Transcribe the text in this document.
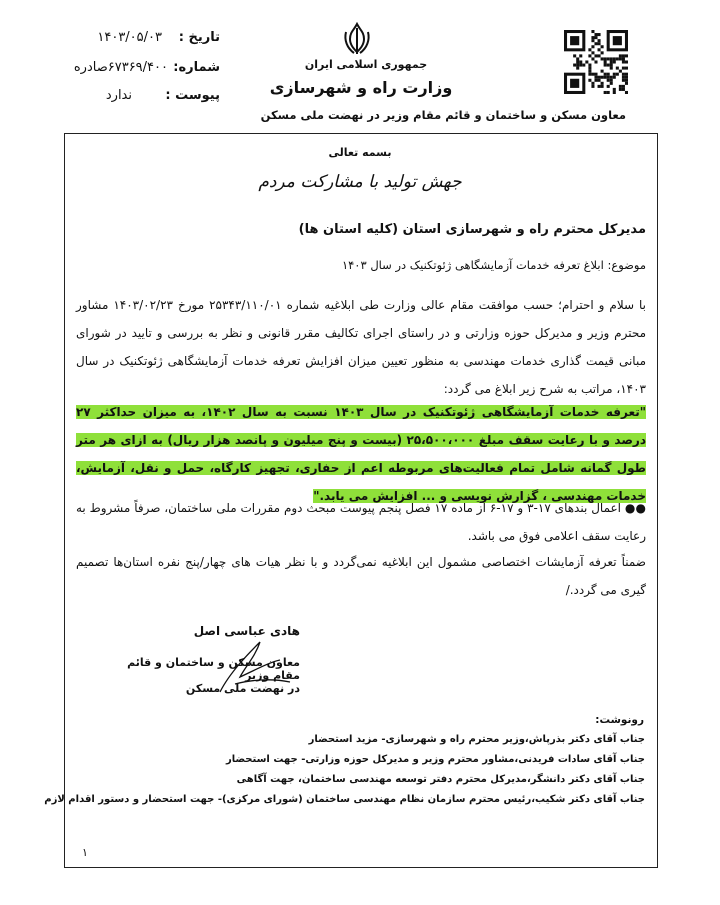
جمهوری اسلامی ایران
وزارت راه و شهرسازی
معاون مسکن و ساختمان و قائم مقام وزیر در نهضت ملی مسکن
تاریخ :
۱۴۰۳/۰۵/۰۳
شماره:
۶۷۳۶۹/۴۰۰صادره
پیوست :
ندارد
بسمه تعالی
جهش تولید با مشارکت مردم
مدیرکل محترم راه و شهرسازی استان (کلیه استان ها)
موضوع: ابلاغ تعرفه خدمات آزمایشگاهی ژئوتکنیک در سال ۱۴۰۳
با سلام و احترام؛ حسب موافقت مقام عالی وزارت طی ابلاغیه شماره ۲۵۳۴۳/۱۱۰/۰۱ مورخ ۱۴۰۳/۰۲/۲۳ مشاور محترم وزیر و مدیرکل حوزه وزارتی و در راستای اجرای تکالیف مقرر قانونی و نظر به بررسی و تایید در شورای مبانی قیمت گذاری خدمات مهندسی به منظور تعیین میزان افزایش تعرفه خدمات آزمایشگاهی ژئوتکنیک در سال ۱۴۰۳، مراتب به شرح زیر ابلاغ می گردد:
"تعرفه خدمات آزمایشگاهی ژئوتکنیک در سال ۱۴۰۳ نسبت به سال ۱۴۰۲، به میزان حداکثر ۲۷ درصد و با رعایت سقف مبلغ ۲۵،۵۰۰،۰۰۰ (بیست و پنج میلیون و پانصد هزار ریال) به ازای هر متر طول گمانه شامل تمام فعالیت‌های مربوطه اعم از حفاری، تجهیز کارگاه، حمل و نقل، آزمایش، خدمات مهندسی ، گزارش نویسی و ... افزایش می یابد."
●● اعمال بندهای ۱۷-۳ و ۱۷-۶ از ماده ۱۷ فصل پنجم پیوست مبحث دوم مقررات ملی ساختمان، صرفاً مشروط به رعایت سقف اعلامی فوق می باشد.
ضمناً تعرفه آزمایشات اختصاصی مشمول این ابلاغیه نمی‌گردد و با نظر هیات های چهار/پنج نفره استان‌ها تصمیم گیری می گردد./
هادی عباسی اصل
معاون مسکن و ساختمان و قائم مقام وزیر
در نهضت ملی مسکن
رونوشت:
جناب آقای دکتر بذرپاش،وزیر محترم راه و شهرسازی- مزید استحضار
جناب آقای سادات فریدنی،مشاور محترم وزیر و مدیرکل حوزه وزارتی- جهت استحضار
جناب آقای دکتر دانشگر،مدیرکل محترم دفتر توسعه مهندسی ساختمان، جهت آگاهی
جناب آقای دکتر شکیب،رئیس محترم سازمان نظام مهندسی ساختمان (شورای مرکزی)- جهت استحضار و دستور اقدام لازم
۱
